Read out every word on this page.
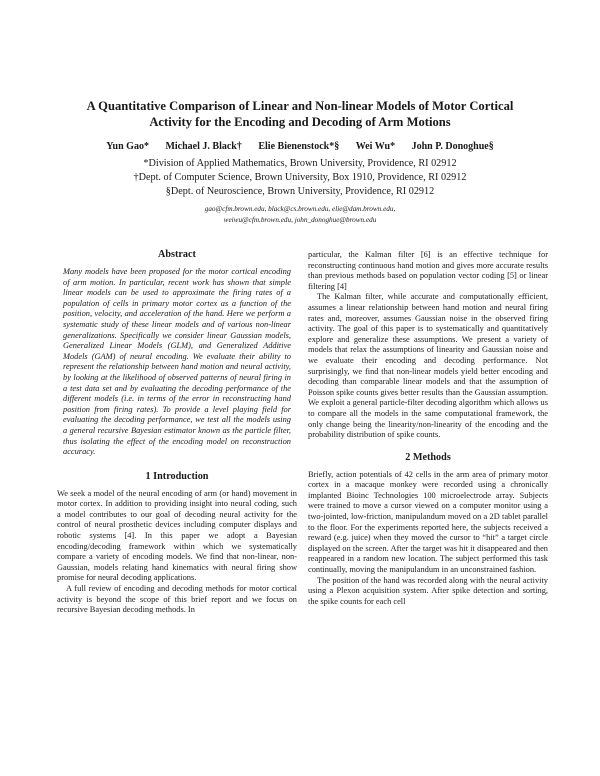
A Quantitative Comparison of Linear and Non-linear Models of Motor Cortical
Activity for the Encoding and Decoding of Arm Motions
Yun Gao* Michael J. Black† Elie Bienenstock*§ Wei Wu* John P. Donoghue§
*Division of Applied Mathematics, Brown University, Providence, RI 02912
†Dept. of Computer Science, Brown University, Box 1910, Providence, RI 02912
§Dept. of Neuroscience, Brown University, Providence, RI 02912
gao@cfm.brown.edu, black@cs.brown.edu, elie@dam.brown.edu,
weiwu@cfm.brown.edu, john_donoghue@brown.edu
Abstract

Many models have been proposed for the motor cortical encoding of arm motion. In particular, recent work has shown that simple linear models can be used to approximate the firing rates of a population of cells in primary motor cortex as a function of the position, velocity, and acceleration of the hand. Here we perform a systematic study of these linear models and of various non-linear generalizations. Specifically we consider linear Gaussian models, Generalized Linear Models (GLM), and Generalized Additive Models (GAM) of neural encoding. We evaluate their ability to represent the relationship between hand motion and neural activity, by looking at the likelihood of observed patterns of neural firing in a test data set and by evaluating the decoding performance of the different models (i.e. in terms of the error in reconstructing hand position from firing rates). To provide a level playing field for evaluating the decoding performance, we test all the models using a general recursive Bayesian estimator known as the particle filter, thus isolating the effect of the encoding model on reconstruction accuracy.

1 Introduction

We seek a model of the neural encoding of arm (or hand) movement in motor cortex. In addition to providing insight into neural coding, such a model contributes to our goal of decoding neural activity for the control of neural prosthetic devices including computer displays and robotic systems [4]. In this paper we adopt a Bayesian encoding/decoding framework within which we systematically compare a variety of encoding models. We find that non-linear, non-Gaussian, models relating hand kinematics with neural firing show promise for neural decoding applications.

A full review of encoding and decoding methods for motor cortical activity is beyond the scope of this brief report and we focus on recursive Bayesian decoding methods. In

particular, the Kalman filter [6] is an effective technique for reconstructing continuous hand motion and gives more accurate results than previous methods based on population vector coding [5] or linear filtering [4]

The Kalman filter, while accurate and computationally efficient, assumes a linear relationship between hand motion and neural firing rates and, moreover, assumes Gaussian noise in the observed firing activity. The goal of this paper is to systematically and quantitatively explore and generalize these assumptions. We present a variety of models that relax the assumptions of linearity and Gaussian noise and we evaluate their encoding and decoding performance. Not surprisingly, we find that non-linear models yield better encoding and decoding than comparable linear models and that the assumption of Poisson spike counts gives better results than the Gaussian assumption. We exploit a general particle-filter decoding algorithm which allows us to compare all the models in the same computational framework, the only change being the linearity/non-linearity of the encoding and the probability distribution of spike counts.

2 Methods

Briefly, action potentials of 42 cells in the arm area of primary motor cortex in a macaque monkey were recorded using a chronically implanted Bioinc Technologies 100 microelectrode array. Subjects were trained to move a cursor viewed on a computer monitor using a two-jointed, low-friction, manipulandum moved on a 2D tablet parallel to the floor. For the experiments reported here, the subjects received a reward (e.g. juice) when they moved the cursor to “hit” a target circle displayed on the screen. After the target was hit it disappeared and then reappeared in a random new location. The subject performed this task continually, moving the manipulandum in an unconstrained fashion.

The position of the hand was recorded along with the neural activity using a Plexon acquisition system. After spike detection and sorting, the spike counts for each cell
